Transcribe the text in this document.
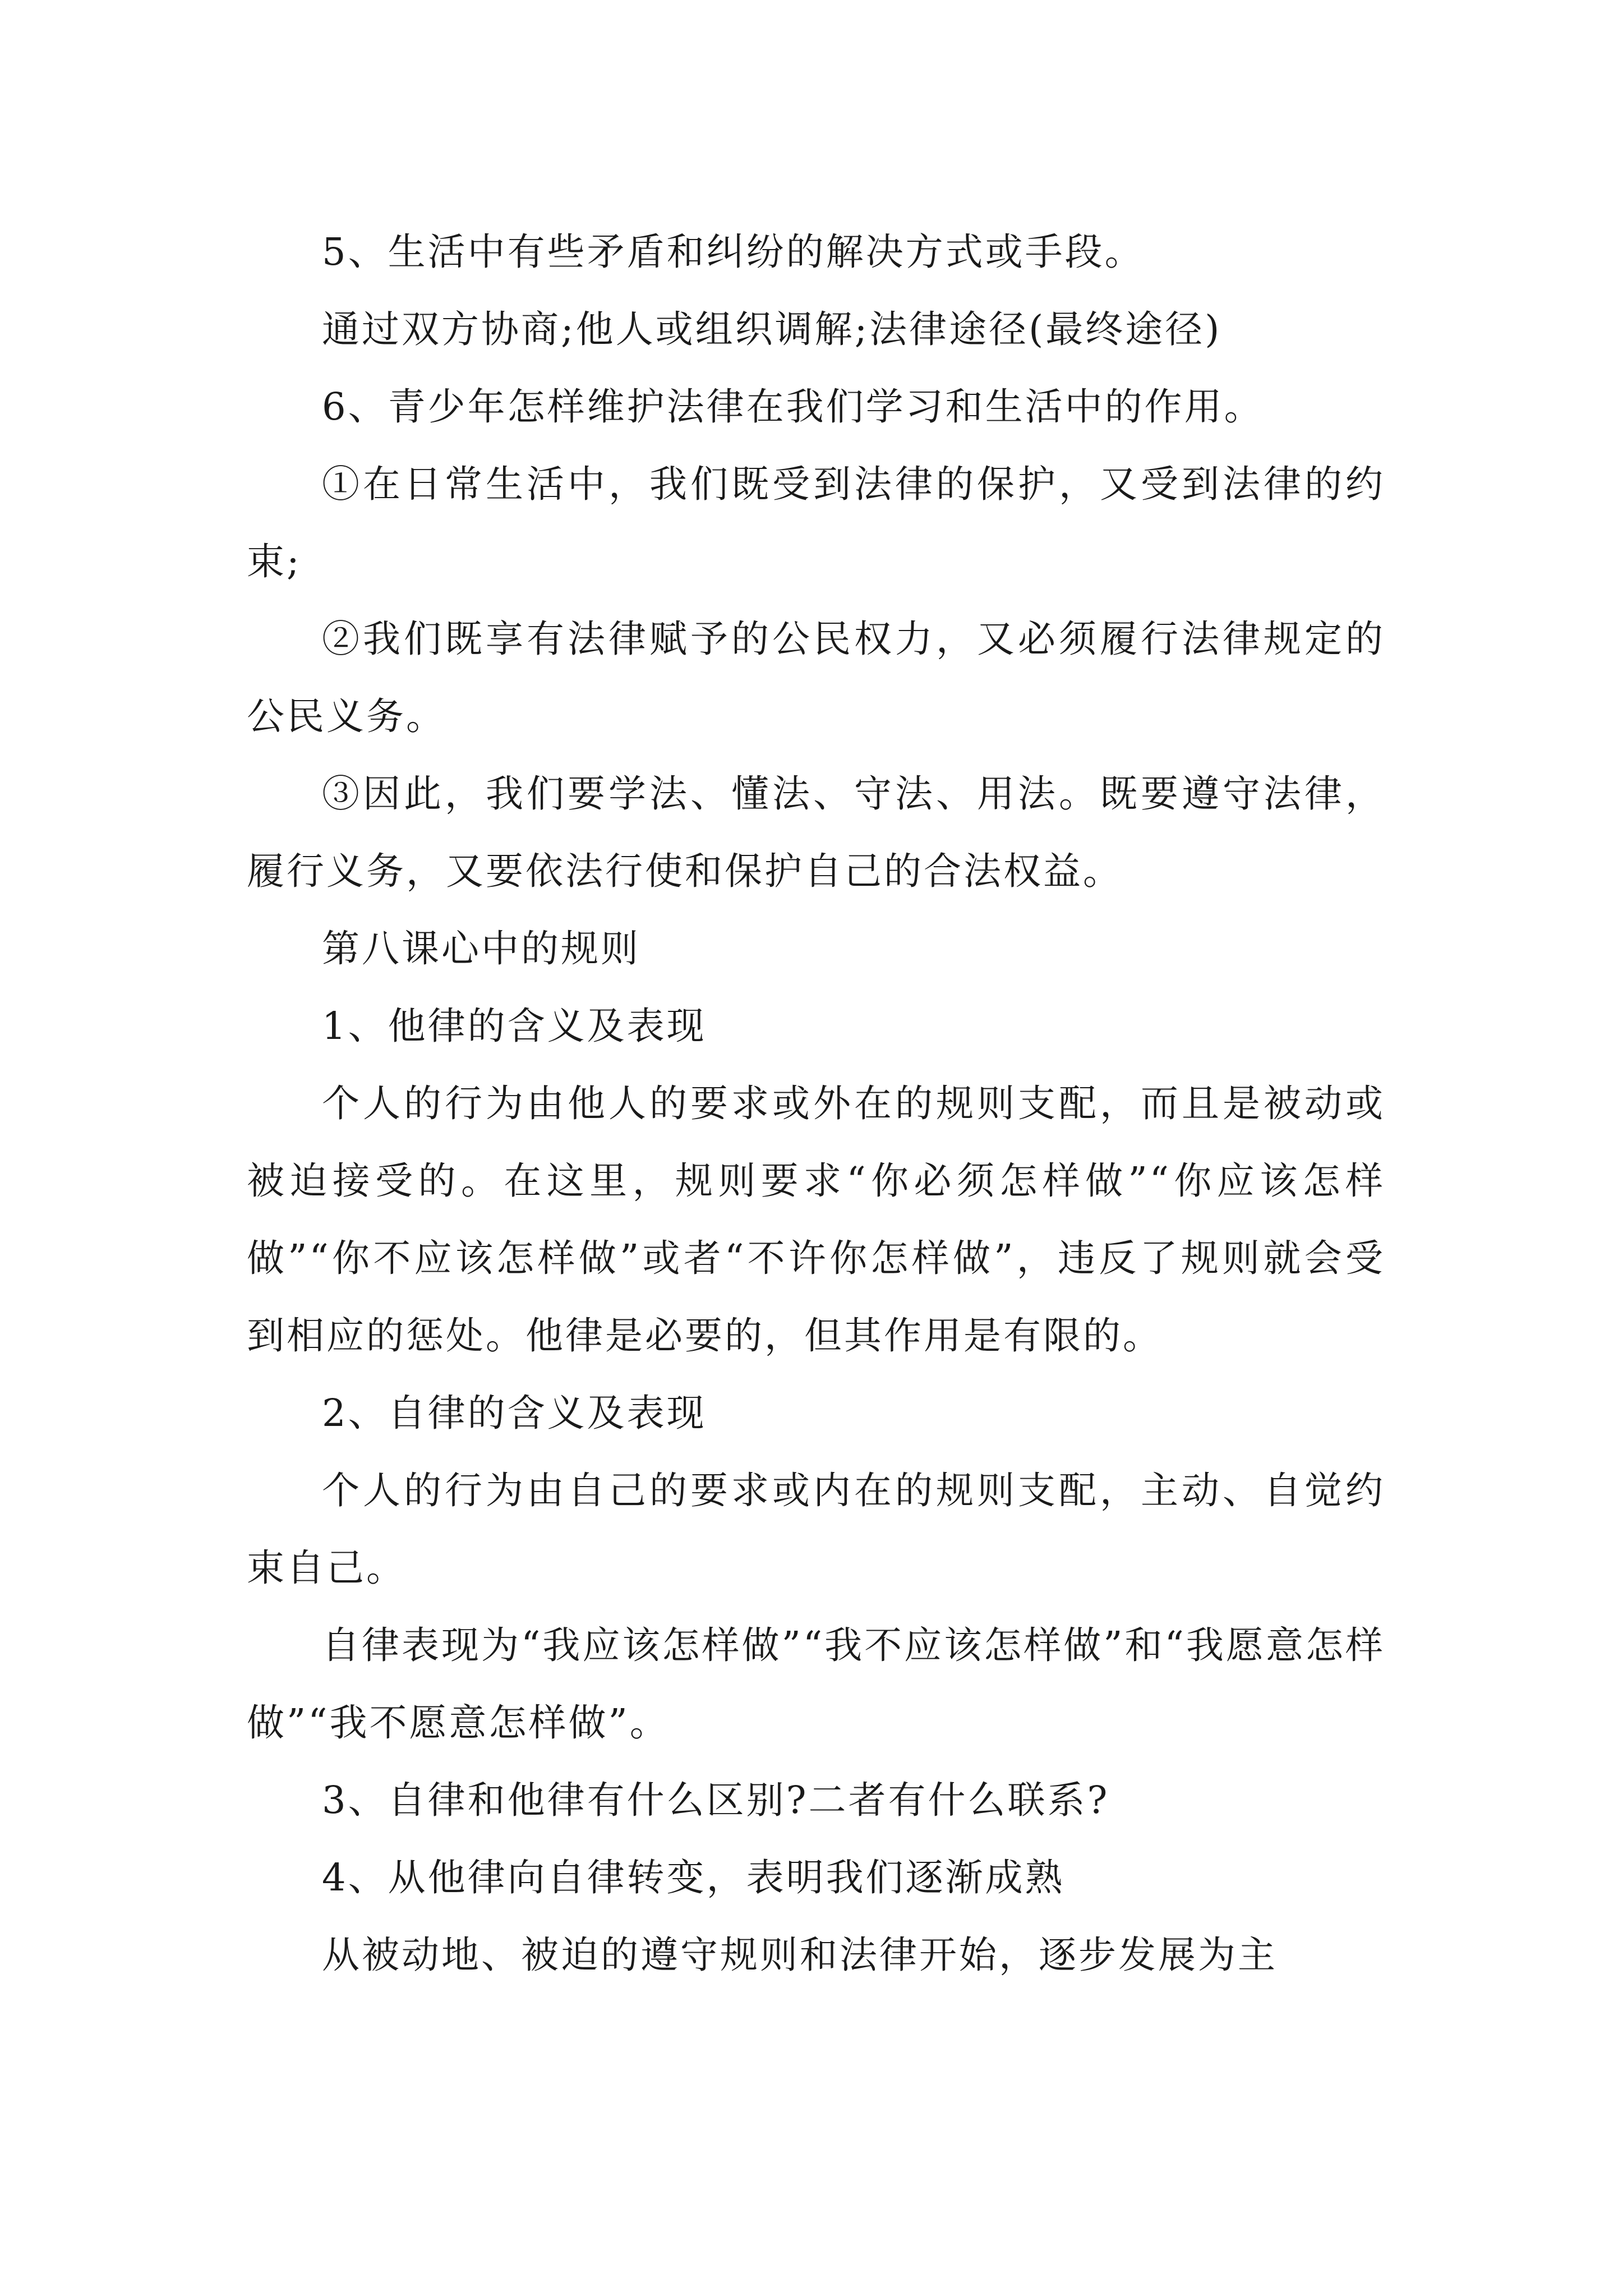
5、生活中有些矛盾和纠纷的解决方式或手段。

通过双方协商;他人或组织调解;法律途径(最终途径)

6、青少年怎样维护法律在我们学习和生活中的作用。

①在日常生活中，我们既受到法律的保护，又受到法律的约束;

②我们既享有法律赋予的公民权力，又必须履行法律规定的公民义务。

③因此，我们要学法、懂法、守法、用法。既要遵守法律，履行义务，又要依法行使和保护自己的合法权益。

第八课心中的规则

1、他律的含义及表现

个人的行为由他人的要求或外在的规则支配，而且是被动或被迫接受的。在这里，规则要求“你必须怎样做”“你应该怎样做”“你不应该怎样做”或者“不许你怎样做”，违反了规则就会受到相应的惩处。他律是必要的，但其作用是有限的。

2、自律的含义及表现

个人的行为由自己的要求或内在的规则支配，主动、自觉约束自己。

自律表现为“我应该怎样做”“我不应该怎样做”和“我愿意怎样做”“我不愿意怎样做”。

3、自律和他律有什么区别?二者有什么联系?

4、从他律向自律转变，表明我们逐渐成熟

从被动地、被迫的遵守规则和法律开始，逐步发展为主
